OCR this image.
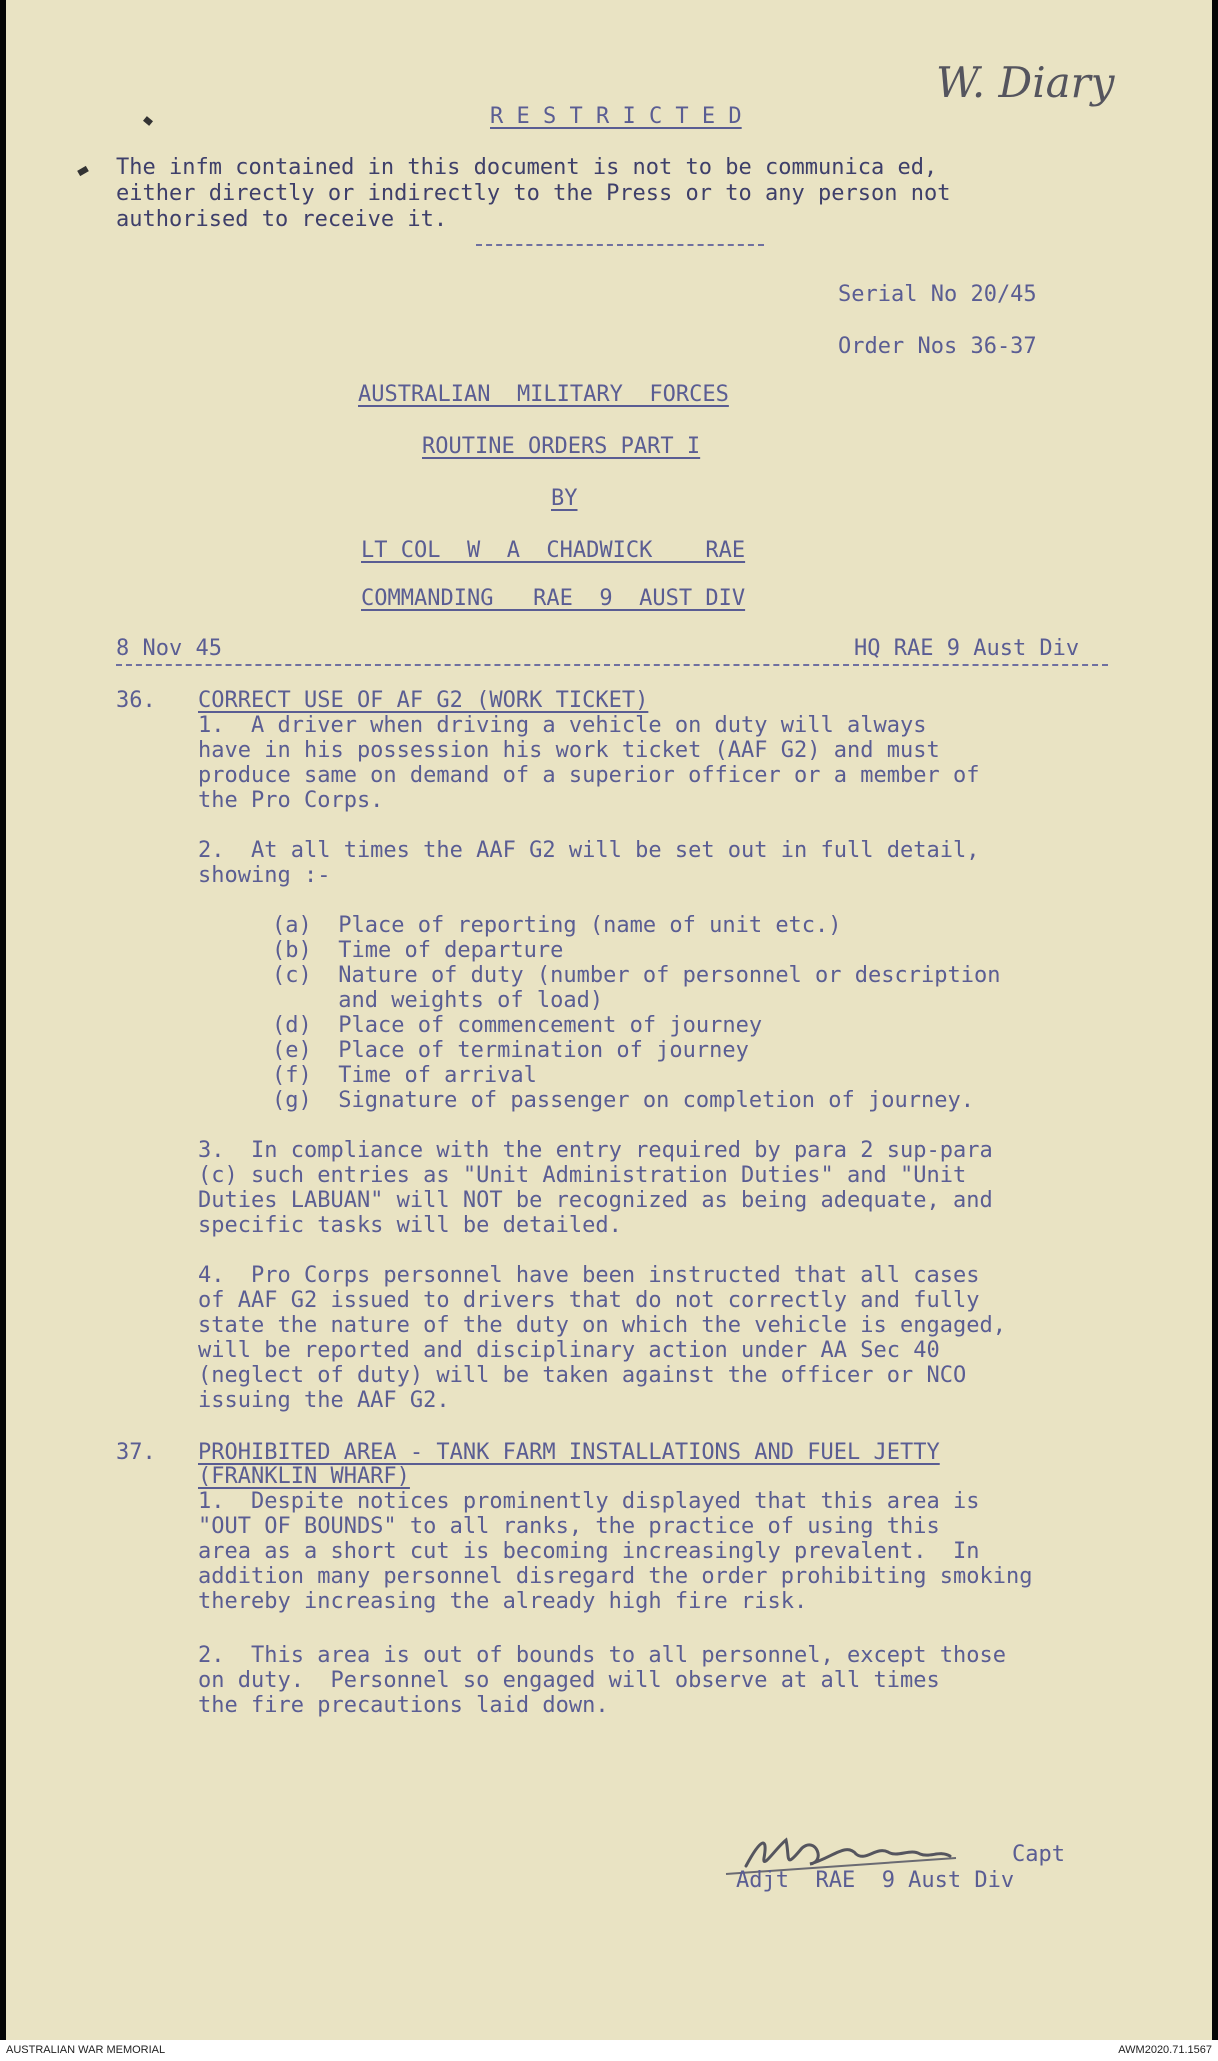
W. Diary
R E S T R I C T E D
The infm contained in this document is not to be communica ed,
either directly or indirectly to the Press or to any person not
authorised to receive it.
Serial No 20/45
Order Nos 36-37
AUSTRALIAN  MILITARY  FORCES
ROUTINE ORDERS PART I
BY
LT COL  W  A  CHADWICK    RAE
COMMANDING   RAE  9  AUST DIV
8 Nov 45	HQ RAE 9 Aust Div
36. CORRECT USE OF AF G2 (WORK TICKET)
1.  A driver when driving a vehicle on duty will always
have in his possession his work ticket (AAF G2) and must
produce same on demand of a superior officer or a member of
the Pro Corps.
2.  At all times the AAF G2 will be set out in full detail,
showing :-
(a)  Place of reporting (name of unit etc.)
(b)  Time of departure
(c)  Nature of duty (number of personnel or description
and weights of load)
(d)  Place of commencement of journey
(e)  Place of termination of journey
(f)  Time of arrival
(g)  Signature of passenger on completion of journey.
3.  In compliance with the entry required by para 2 sup-para
(c) such entries as "Unit Administration Duties" and "Unit
Duties LABUAN" will NOT be recognized as being adequate, and
specific tasks will be detailed.
4.  Pro Corps personnel have been instructed that all cases
of AAF G2 issued to drivers that do not correctly and fully
state the nature of the duty on which the vehicle is engaged,
will be reported and disciplinary action under AA Sec 40
(neglect of duty) will be taken against the officer or NCO
issuing the AAF G2.
37. PROHIBITED AREA - TANK FARM INSTALLATIONS AND FUEL JETTY
(FRANKLIN WHARF)
1.  Despite notices prominently displayed that this area is
"OUT OF BOUNDS" to all ranks, the practice of using this
area as a short cut is becoming increasingly prevalent.  In
addition many personnel disregard the order prohibiting smoking
thereby increasing the already high fire risk.
2.  This area is out of bounds to all personnel, except those
on duty.  Personnel so engaged will observe at all times
the fire precautions laid down.
Capt
Adjt  RAE  9 Aust Div
AUSTRALIAN WAR MEMORIAL	AWM2020.71.1567
